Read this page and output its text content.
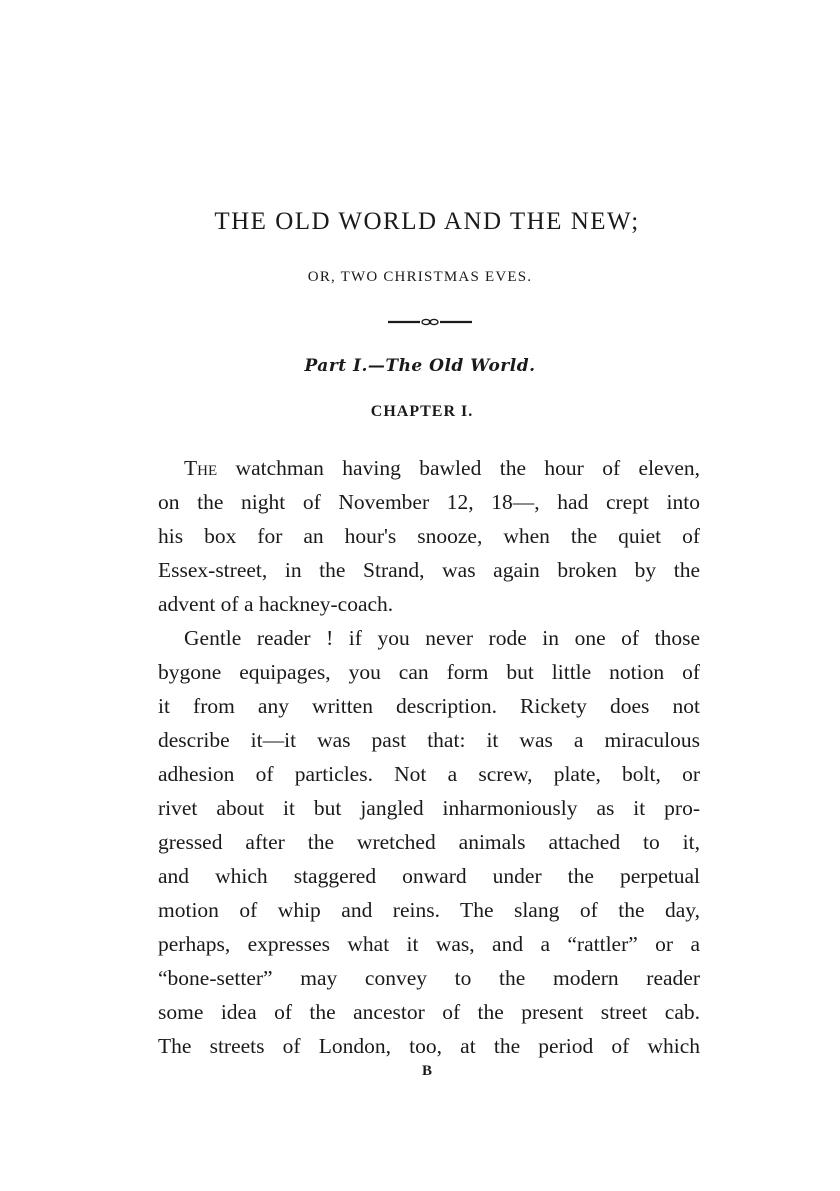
THE OLD WORLD AND THE NEW;
OR, TWO CHRISTMAS EVES.
Part I.—The Old World.
CHAPTER I.
The watchman having bawled the hour of eleven,
on the night of November 12, 18—, had crept into
his box for an hour's snooze, when the quiet of
Essex-street, in the Strand, was again broken by the
advent of a hackney-coach.
Gentle reader ! if you never rode in one of those
bygone equipages, you can form but little notion of
it from any written description. Rickety does not
describe it—it was past that: it was a miraculous
adhesion of particles. Not a screw, plate, bolt, or
rivet about it but jangled inharmoniously as it pro-
gressed after the wretched animals attached to it,
and which staggered onward under the perpetual
motion of whip and reins. The slang of the day,
perhaps, expresses what it was, and a “rattler” or a
“bone-setter” may convey to the modern reader
some idea of the ancestor of the present street cab.
The streets of London, too, at the period of which
B
